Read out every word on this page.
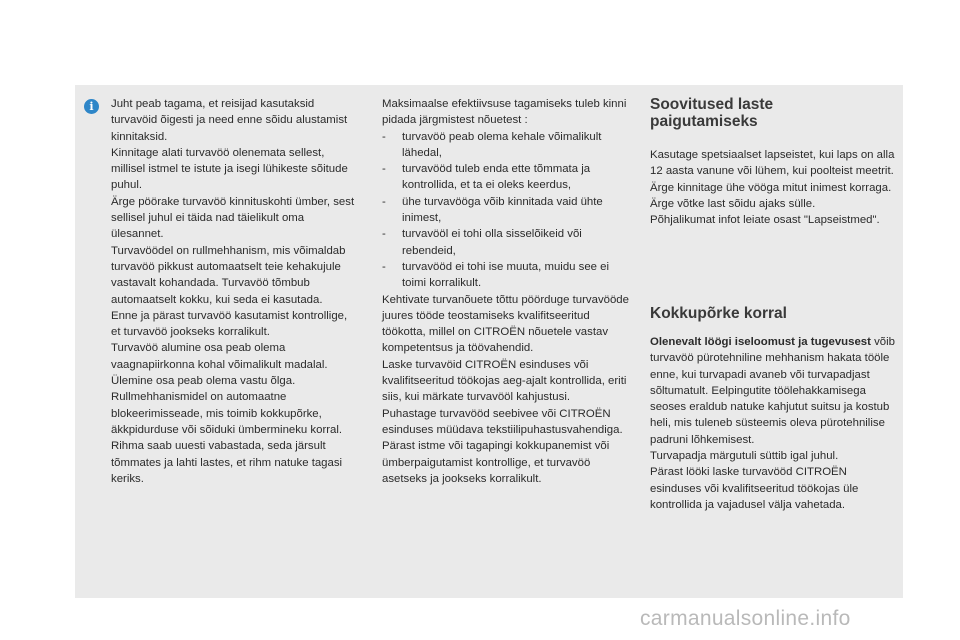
i	Juht peab tagama, et reisijad kasutaksid turvavöid õigesti ja need enne sõidu alustamist kinnitaksid.

Kinnitage alati turvavöö olenemata sellest, millisel istmel te istute ja isegi lühikeste sõitude puhul.

Ärge pöörake turvavöö kinnituskohti ümber, sest sellisel juhul ei täida nad täielikult oma ülesannet.

Turvavöödel on rullmehhanism, mis võimaldab turvavöö pikkust automaatselt teie kehakujule vastavalt kohandada. Turvavöö tõmbub automaatselt kokku, kui seda ei kasutada.

Enne ja pärast turvavöö kasutamist kontrollige, et turvavöö jookseks korralikult.

Turvavöö alumine osa peab olema vaagnapiirkonna kohal võimalikult madalal.

Ülemine osa peab olema vastu õlga.

Rullmehhanismidel on automaatne blokeerimisseade, mis toimib kokkupõrke, äkkpidurduse või sõiduki ümbermineku korral. Rihma saab uuesti vabastada, seda järsult tõmmates ja lahti lastes, et rihm natuke tagasi keriks.

Maksimaalse efektiivsuse tagamiseks tuleb kinni pidada järgmistest nõuetest :

- turvavöö peab olema kehale võimalikult lähedal,
- turvavööd tuleb enda ette tõmmata ja kontrollida, et ta ei oleks keerdus,
- ühe turvavööga võib kinnitada vaid ühte inimest,
- turvavööl ei tohi olla sisselõikeid või rebendeid,
- turvavööd ei tohi ise muuta, muidu see ei toimi korralikult.

Kehtivate turvanõuete tõttu pöörduge turvavööde juures tööde teostamiseks kvalifitseeritud töökotta, millel on CITROËN nõuetele vastav kompetentsus ja töövahendid.

Laske turvavöid CITROËN esinduses või kvalifitseeritud töökojas aeg-ajalt kontrollida, eriti siis, kui märkate turvavööl kahjustusi.

Puhastage turvavööd seebivee või CITROËN esinduses müüdava tekstiilipuhastusvahendiga.

Pärast istme või tagapingi kokkupanemist või ümberpaigutamist kontrollige, et turvavöö asetseks ja jookseks korralikult.

Soovitused laste
paigutamiseks

Kasutage spetsiaalset lapseistet, kui laps on alla 12 aasta vanune või lühem, kui poolteist meetrit.

Ärge kinnitage ühe vööga mitut inimest korraga.

Ärge võtke last sõidu ajaks sülle.

Põhjalikumat infot leiate osast "Lapseistmed".

Kokkupõrke korral

Olenevalt löögi iseloomust ja tugevusest võib turvavöö pürotehniline mehhanism hakata tööle enne, kui turvapadi avaneb või turvapadjast sõltumatult. Eelpingutite töölehakkamisega seoses eraldub natuke kahjutut suitsu ja kostub heli, mis tuleneb süsteemis oleva pürotehnilise padruni lõhkemisest.

Turvapadja märgutuli süttib igal juhul.

Pärast lööki laske turvavööd CITROËN esinduses või kvalifitseeritud töökojas üle kontrollida ja vajadusel välja vahetada.

carmanualsonline.info
